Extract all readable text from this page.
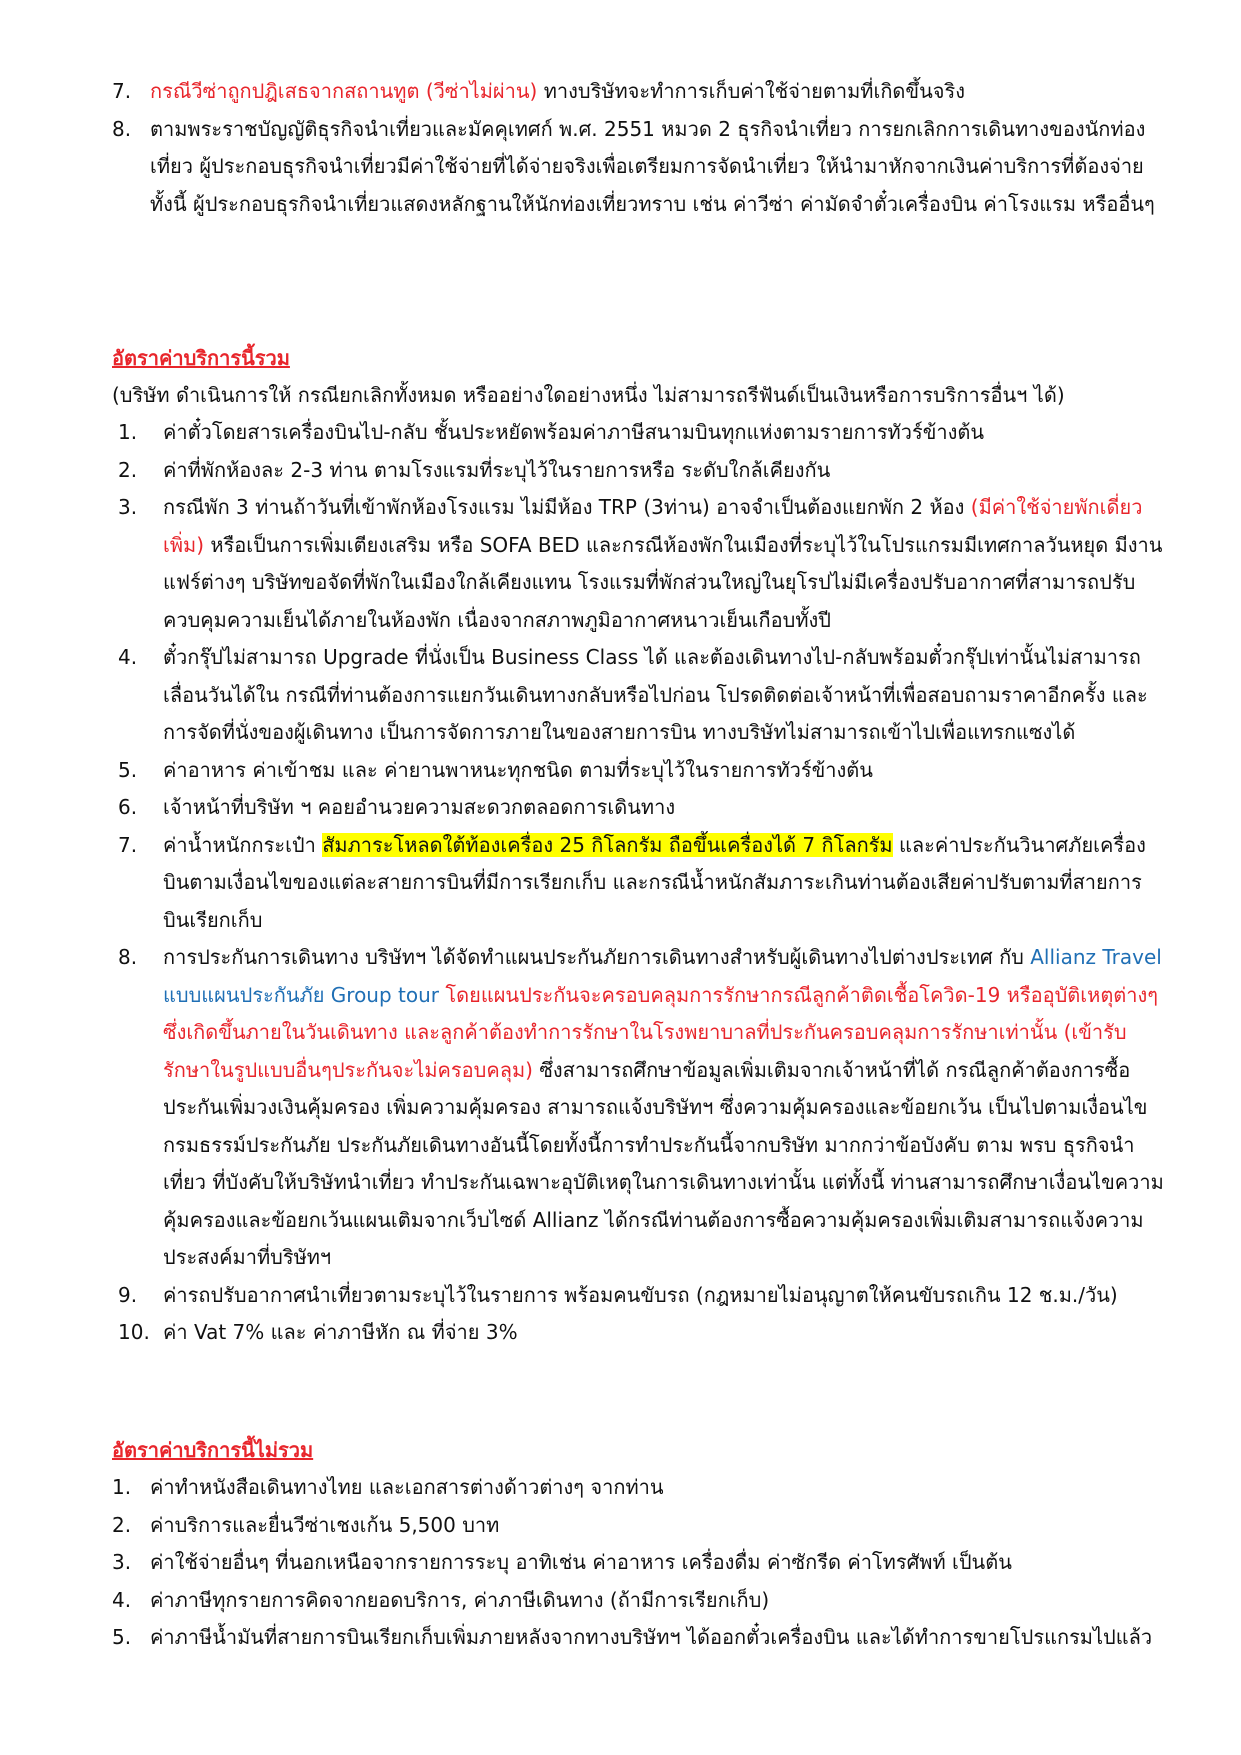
7. กรณีวีซ่าถูกปฎิเสธจากสถานทูต (วีซ่าไม่ผ่าน) ทางบริษัทจะทำการเก็บค่าใช้จ่ายตามที่เกิดขึ้นจริง
8. ตามพระราชบัญญัติธุรกิจนำเที่ยวและมัคคุเทศก์ พ.ศ. 2551 หมวด 2 ธุรกิจนำเที่ยว การยกเลิกการเดินทางของนักท่องเที่ยว ผู้ประกอบธุรกิจนำเที่ยวมีค่าใช้จ่ายที่ได้จ่ายจริงเพื่อเตรียมการจัดนำเที่ยว ให้นำมาหักจากเงินค่าบริการที่ต้องจ่าย ทั้งนี้ ผู้ประกอบธุรกิจนำเที่ยวแสดงหลักฐานให้นักท่องเที่ยวทราบ เช่น ค่าวีซ่า ค่ามัดจำตั๋วเครื่องบิน ค่าโรงแรม หรืออื่นๆ
อัตราค่าบริการนี้รวม
(บริษัท ดำเนินการให้ กรณียกเลิกทั้งหมด หรืออย่างใดอย่างหนึ่ง ไม่สามารถรีฟันด์เป็นเงินหรือการบริการอื่นฯ ได้)
1. ค่าตั๋วโดยสารเครื่องบินไป-กลับ ชั้นประหยัดพร้อมค่าภาษีสนามบินทุกแห่งตามรายการทัวร์ข้างต้น
2. ค่าที่พักห้องละ 2-3 ท่าน ตามโรงแรมที่ระบุไว้ในรายการหรือ ระดับใกล้เคียงกัน
3. กรณีพัก 3 ท่านถ้าวันที่เข้าพักห้องโรงแรม ไม่มีห้อง TRP (3ท่าน) อาจจำเป็นต้องแยกพัก 2 ห้อง (มีค่าใช้จ่ายพักเดี่ยวเพิ่ม) หรือเป็นการเพิ่มเตียงเสริม หรือ SOFA BED และกรณีห้องพักในเมืองที่ระบุไว้ในโปรแกรมมีเทศกาลวันหยุด มีงานแฟร์ต่างๆ บริษัทขอจัดที่พักในเมืองใกล้เคียงแทน โรงแรมที่พักส่วนใหญ่ในยุโรปไม่มีเครื่องปรับอากาศที่สามารถปรับควบคุมความเย็นได้ภายในห้องพัก เนื่องจากสภาพภูมิอากาศหนาวเย็นเกือบทั้งปี
4. ตั๋วกรุ๊ปไม่สามารถ Upgrade ที่นั่งเป็น Business Class ได้ และต้องเดินทางไป-กลับพร้อมตั๋วกรุ๊ปเท่านั้นไม่สามารถเลื่อนวันได้ใน กรณีที่ท่านต้องการแยกวันเดินทางกลับหรือไปก่อน โปรดติดต่อเจ้าหน้าที่เพื่อสอบถามราคาอีกครั้ง และการจัดที่นั่งของผู้เดินทาง เป็นการจัดการภายในของสายการบิน ทางบริษัทไม่สามารถเข้าไปเพื่อแทรกแซงได้
5. ค่าอาหาร ค่าเข้าชม และ ค่ายานพาหนะทุกชนิด ตามที่ระบุไว้ในรายการทัวร์ข้างต้น
6. เจ้าหน้าที่บริษัท ฯ คอยอำนวยความสะดวกตลอดการเดินทาง
7. ค่าน้ำหนักกระเป๋า สัมภาระโหลดใต้ท้องเครื่อง 25 กิโลกรัม ถือขึ้นเครื่องได้ 7 กิโลกรัม และค่าประกันวินาศภัยเครื่องบินตามเงื่อนไขของแต่ละสายการบินที่มีการเรียกเก็บ และกรณีน้ำหนักสัมภาระเกินท่านต้องเสียค่าปรับตามที่สายการบินเรียกเก็บ
8. การประกันการเดินทาง บริษัทฯ ได้จัดทำแผนประกันภัยการเดินทางสำหรับผู้เดินทางไปต่างประเทศ กับ Allianz Travel แบบแผนประกันภัย Group tour โดยแผนประกันจะครอบคลุมการรักษากรณีลูกค้าติดเชื้อโควิด-19 หรืออุบัติเหตุต่างๆ ซึ่งเกิดขึ้นภายในวันเดินทาง และลูกค้าต้องทำการรักษาในโรงพยาบาลที่ประกันครอบคลุมการรักษาเท่านั้น (เข้ารับรักษาในรูปแบบอื่นๆประกันจะไม่ครอบคลุม) ซึ่งสามารถศึกษาข้อมูลเพิ่มเติมจากเจ้าหน้าที่ได้ กรณีลูกค้าต้องการซื้อประกันเพิ่มวงเงินคุ้มครอง เพิ่มความคุ้มครอง สามารถแจ้งบริษัทฯ ซึ่งความคุ้มครองและข้อยกเว้น เป็นไปตามเงื่อนไขกรมธรรม์ประกันภัย ประกันภัยเดินทางอันนี้โดยทั้งนี้การทำประกันนี้จากบริษัท มากกว่าข้อบังคับ ตาม พรบ ธุรกิจนำเที่ยว ที่บังคับให้บริษัทนำเที่ยว ทำประกันเฉพาะอุบัติเหตุในการเดินทางเท่านั้น แต่ทั้งนี้ ท่านสามารถศึกษาเงื่อนไขความคุ้มครองและข้อยกเว้นแผนเติมจากเว็บไซด์ Allianz ได้กรณีท่านต้องการซื้อความคุ้มครองเพิ่มเติมสามารถแจ้งความประสงค์มาที่บริษัทฯ
9. ค่ารถปรับอากาศนำเที่ยวตามระบุไว้ในรายการ พร้อมคนขับรถ (กฎหมายไม่อนุญาตให้คนขับรถเกิน 12 ช.ม./วัน)
10. ค่า Vat 7% และ ค่าภาษีหัก ณ ที่จ่าย 3%
อัตราค่าบริการนี้ไม่รวม
1. ค่าทำหนังสือเดินทางไทย และเอกสารต่างด้าวต่างๆ จากท่าน
2. ค่าบริการและยื่นวีซ่าเชงเก้น 5,500 บาท
3. ค่าใช้จ่ายอื่นๆ ที่นอกเหนือจากรายการระบุ อาทิเช่น ค่าอาหาร เครื่องดื่ม ค่าซักรีด ค่าโทรศัพท์ เป็นต้น
4. ค่าภาษีทุกรายการคิดจากยอดบริการ, ค่าภาษีเดินทาง (ถ้ามีการเรียกเก็บ)
5. ค่าภาษีน้ำมันที่สายการบินเรียกเก็บเพิ่มภายหลังจากทางบริษัทฯ ได้ออกตั๋วเครื่องบิน และได้ทำการขายโปรแกรมไปแล้ว
